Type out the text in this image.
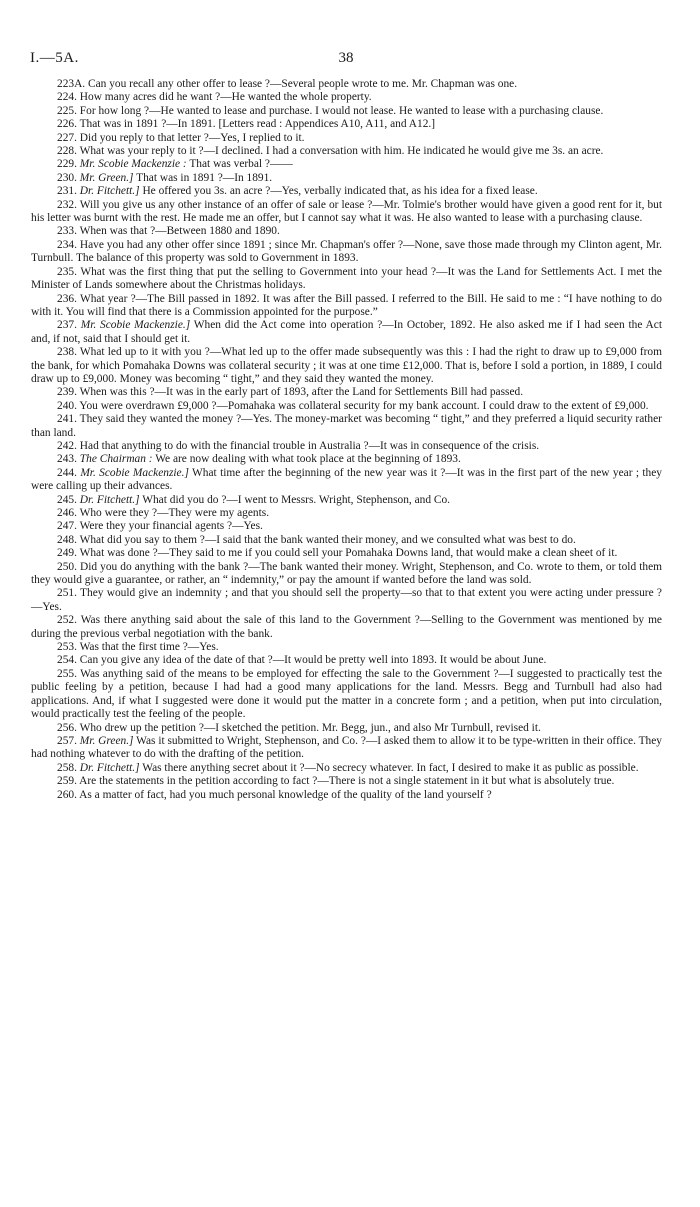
I.—5A.	38

223A. Can you recall any other offer to lease ?—Several people wrote to me. Mr. Chapman was one.

224. How many acres did he want ?—He wanted the whole property.

225. For how long ?—He wanted to lease and purchase. I would not lease. He wanted to lease with a purchasing clause.

226. That was in 1891 ?—In 1891. [Letters read : Appendices A10, A11, and A12.]

227. Did you reply to that letter ?—Yes, I replied to it.

228. What was your reply to it ?—I declined. I had a conversation with him. He indicated he would give me 3s. an acre.

229. Mr. Scobie Mackenzie : That was verbal ?——

230. Mr. Green.] That was in 1891 ?—In 1891.

231. Dr. Fitchett.] He offered you 3s. an acre ?—Yes, verbally indicated that, as his idea for a fixed lease.

232. Will you give us any other instance of an offer of sale or lease ?—Mr. Tolmie's brother would have given a good rent for it, but his letter was burnt with the rest. He made me an offer, but I cannot say what it was. He also wanted to lease with a purchasing clause.

233. When was that ?—Between 1880 and 1890.

234. Have you had any other offer since 1891 ; since Mr. Chapman's offer ?—None, save those made through my Clinton agent, Mr. Turnbull. The balance of this property was sold to Government in 1893.

235. What was the first thing that put the selling to Government into your head ?—It was the Land for Settlements Act. I met the Minister of Lands somewhere about the Christmas holidays.

236. What year ?—The Bill passed in 1892. It was after the Bill passed. I referred to the Bill. He said to me : “I have nothing to do with it. You will find that there is a Commission appointed for the purpose.”

237. Mr. Scobie Mackenzie.] When did the Act come into operation ?—In October, 1892. He also asked me if I had seen the Act and, if not, said that I should get it.

238. What led up to it with you ?—What led up to the offer made subsequently was this : I had the right to draw up to £9,000 from the bank, for which Pomahaka Downs was collateral security ; it was at one time £12,000. That is, before I sold a portion, in 1889, I could draw up to £9,000. Money was becoming “ tight,” and they said they wanted the money.

239. When was this ?—It was in the early part of 1893, after the Land for Settlements Bill had passed.

240. You were overdrawn £9,000 ?—Pomahaka was collateral security for my bank account. I could draw to the extent of £9,000.

241. They said they wanted the money ?—Yes. The money-market was becoming “ tight,” and they preferred a liquid security rather than land.

242. Had that anything to do with the financial trouble in Australia ?—It was in consequence of the crisis.

243. The Chairman : We are now dealing with what took place at the beginning of 1893.

244. Mr. Scobie Mackenzie.] What time after the beginning of the new year was it ?—It was in the first part of the new year ; they were calling up their advances.

245. Dr. Fitchett.] What did you do ?—I went to Messrs. Wright, Stephenson, and Co.

246. Who were they ?—They were my agents.

247. Were they your financial agents ?—Yes.

248. What did you say to them ?—I said that the bank wanted their money, and we consulted what was best to do.

249. What was done ?—They said to me if you could sell your Pomahaka Downs land, that would make a clean sheet of it.

250. Did you do anything with the bank ?—The bank wanted their money. Wright, Stephenson, and Co. wrote to them, or told them they would give a guarantee, or rather, an “ indemnity,” or pay the amount if wanted before the land was sold.

251. They would give an indemnity ; and that you should sell the property—so that to that extent you were acting under pressure ?—Yes.

252. Was there anything said about the sale of this land to the Government ?—Selling to the Government was mentioned by me during the previous verbal negotiation with the bank.

253. Was that the first time ?—Yes.

254. Can you give any idea of the date of that ?—It would be pretty well into 1893. It would be about June.

255. Was anything said of the means to be employed for effecting the sale to the Government ?—I suggested to practically test the public feeling by a petition, because I had had a good many applications for the land. Messrs. Begg and Turnbull had also had applications. And, if what I suggested were done it would put the matter in a concrete form ; and a petition, when put into circulation, would practically test the feeling of the people.

256. Who drew up the petition ?—I sketched the petition. Mr. Begg, jun., and also Mr Turnbull, revised it.

257. Mr. Green.] Was it submitted to Wright, Stephenson, and Co. ?—I asked them to allow it to be type-written in their office. They had nothing whatever to do with the drafting of the petition.

258. Dr. Fitchett.] Was there anything secret about it ?—No secrecy whatever. In fact, I desired to make it as public as possible.

259. Are the statements in the petition according to fact ?—There is not a single statement in it but what is absolutely true.

260. As a matter of fact, had you much personal knowledge of the quality of the land yourself ?
